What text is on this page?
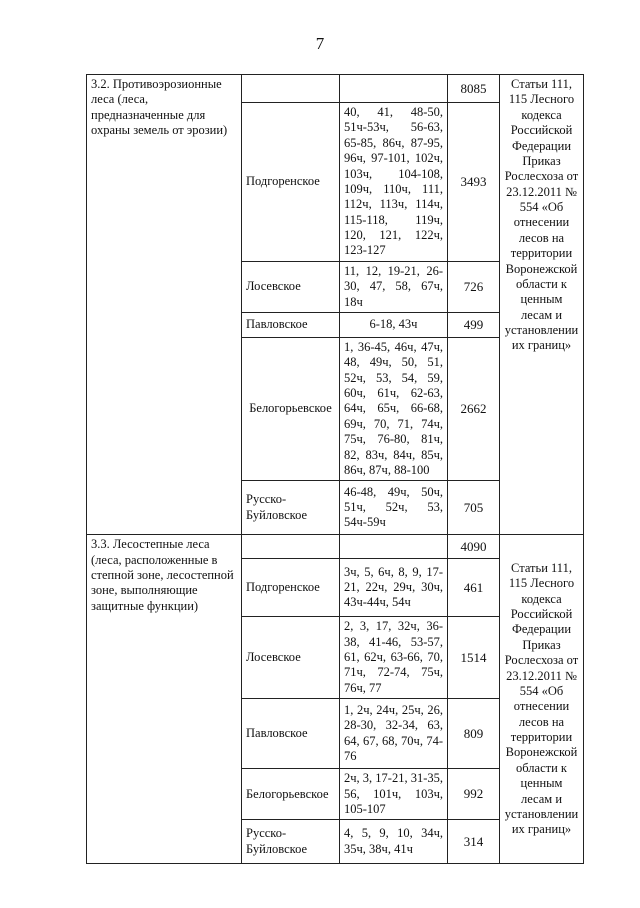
7
3.2. Противоэрозионные леса (леса, предназначенные для охраны земель от эрозии)			8085	Статьи 111, 115 Лесного кодекса Российской Федерации Приказ Рослесхоза от 23.12.2011 № 554 «Об отнесении лесов на территории Воронежской области к ценным лесам и установлении их границ»
	Подгоренское	40, 41, 48-50, 51ч-53ч, 56-63, 65-85, 86ч, 87-95, 96ч, 97-101, 102ч, 103ч, 104-108, 109ч, 110ч, 111, 112ч, 113ч, 114ч, 115-118, 119ч, 120, 121, 122ч, 123-127	3493	
	Лосевское	11, 12, 19-21, 26-30, 47, 58, 67ч, 18ч	726	
	Павловское	6-18, 43ч	499	
	Белогорьевское	1, 36-45, 46ч, 47ч, 48, 49ч, 50, 51, 52ч, 53, 54, 59, 60ч, 61ч, 62-63, 64ч, 65ч, 66-68, 69ч, 70, 71, 74ч, 75ч, 76-80, 81ч, 82, 83ч, 84ч, 85ч, 86ч, 87ч, 88-100	2662	
	Русско-Буйловское	46-48, 49ч, 50ч, 51ч, 52ч, 53, 54ч-59ч	705	
3.3. Лесостепные леса (леса, расположенные в степной зоне, лесостепной зоне, выполняющие защитные функции)			4090	Статьи 111, 115 Лесного кодекса Российской Федерации Приказ Рослесхоза от 23.12.2011 № 554 «Об отнесении лесов на территории Воронежской области к ценным лесам и установлении их границ»
	Подгоренское	3ч, 5, 6ч, 8, 9, 17-21, 22ч, 29ч, 30ч, 43ч-44ч, 54ч	461	
	Лосевское	2, 3, 17, 32ч, 36-38, 41-46, 53-57, 61, 62ч, 63-66, 70, 71ч, 72-74, 75ч, 76ч, 77	1514	
	Павловское	1, 2ч, 24ч, 25ч, 26, 28-30, 32-34, 63, 64, 67, 68, 70ч, 74-76	809	
	Белогорьевское	2ч, 3, 17-21, 31-35, 56, 101ч, 103ч, 105-107	992	
	Русско-Буйловское	4, 5, 9, 10, 34ч, 35ч, 38ч, 41ч	314	
